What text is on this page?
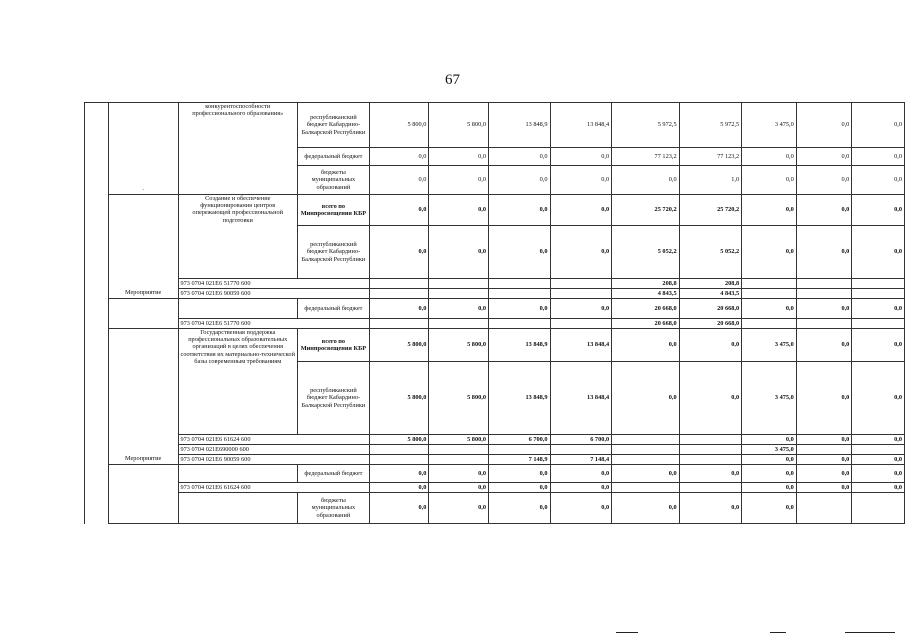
67
	.	конкурентоспособности профессионального образования»	республиканский бюджет Кабардино-Балкарской Республики	5 800,0	5 800,0	13 848,9	13 848,4	5 972,5	5 972,5	3 475,0	0,0	0,0
			федеральный бюджет	0,0	0,0	0,0	0,0	77 123,2	77 123,2	0,0	0,0	0,0
			бюджеты муниципальных образований	0,0	0,0	0,0	0,0	0,0	1,0	0,0	0,0	0,0
	Мероприятие	Создание и обеспечение функционирования центров опережающей профессиональной подготовки	всего по Минпросвещения КБР	0,0	0,0	0,0	0,0	25 720,2	25 720,2	0,0	0,0	0,0
			республиканский бюджет Кабардино-Балкарской Республики	0,0	0,0	0,0	0,0	5 052,2	5 052,2	0,0	0,0	0,0
		973 0704 021E6 51770 600						208,8	208,8			
		973 0704 021E6 90059 600						4 843,5	4 843,5			
			федеральный бюджет	0,0	0,0	0,0	0,0	20 668,0	20 668,0	0,0	0,0	0,0
		973 0704 021E6 51770 600						20 668,0	20 668,0			
	Мероприятие	Государственная поддержка профессиональных образовательных организаций в целях обеспечения соответствия их материально-технической базы современным требованиям	всего по Минпросвещения КБР	5 800,0	5 800,0	13 848,9	13 848,4	0,0	0,0	3 475,0	0,0	0,0
			республиканский бюджет Кабардино-Балкарской Республики	5 800,0	5 800,0	13 848,9	13 848,4	0,0	0,0	3 475,0	0,0	0,0
		973 0704 021E6 61624 600		5 800,0	5 800,0	6 700,0	6 700,0			0,0	0,0	0,0
		973 0704 021E690000 600								3 475,0		
		973 0704 021E6 90059 600				7 148,9	7 148,4			0,0	0,0	0,0
			федеральный бюджет	0,0	0,0	0,0	0,0	0,0	0,0	0,0	0,0	0,0
		973 0704 021E6 61624 600		0,0	0,0	0,0	0,0			0,0	0,0	0,0
			бюджеты муниципальных образований	0,0	0,0	0,0	0,0	0,0	0,0	0,0		
